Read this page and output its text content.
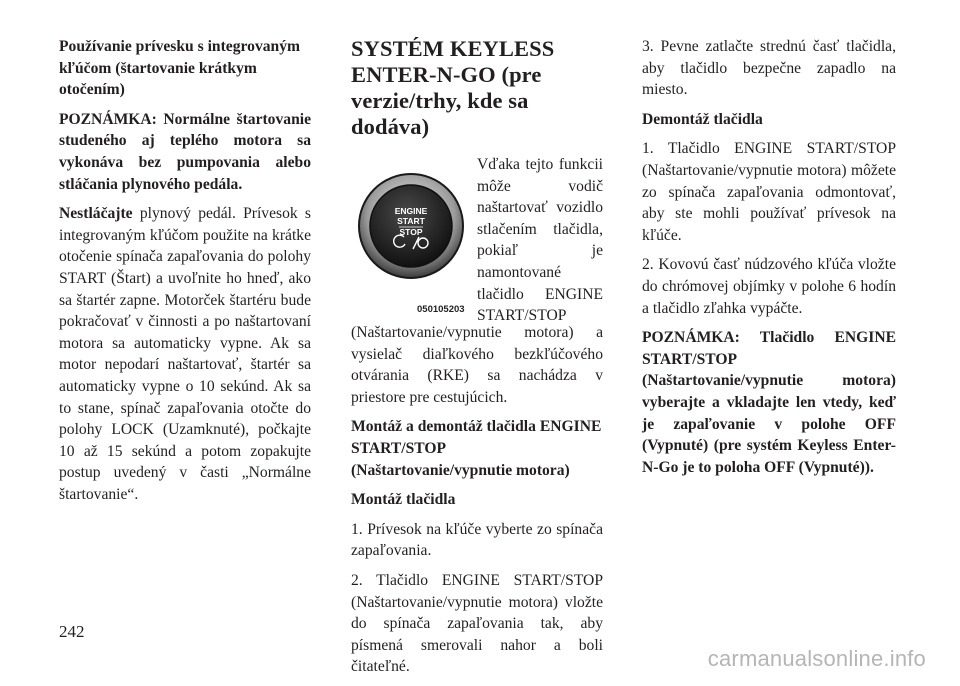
Používanie prívesku s integrovaným kľúčom (štartovanie krátkym otočením)

POZNÁMKA: Normálne štartovanie studeného aj teplého motora sa vykonáva bez pumpovania alebo stláčania plynového pedála.

Nestláčajte plynový pedál. Prívesok s integrovaným kľúčom použite na krátke otočenie spínača zapaľovania do polohy START (Štart) a uvoľnite ho hneď, ako sa štartér zapne. Motorček štartéru bude pokračovať v činnosti a po naštartovaní motora sa automaticky vypne. Ak sa motor nepodarí naštartovať, štartér sa automaticky vypne o 10 sekúnd. Ak sa to stane, spínač zapaľovania otočte do polohy LOCK (Uzamknuté), počkajte 10 až 15 sekúnd a potom zopakujte postup uvedený v časti „Normálne štartovanie“.

SYSTÉM KEYLESS ENTER-N-GO (pre verzie/trhy, kde sa dodáva)
ENGINE
START
STOP
050105203

Vďaka tejto funkcii môže vodič naštartovať vozidlo stlačením tlačidla, pokiaľ je namontované tlačidlo ENGINE START/STOP

(Naštartovanie/vypnutie motora) a vysielač diaľkového bezkľúčového otvárania (RKE) sa nachádza v priestore pre cestujúcich.

Montáž a demontáž tlačidla ENGINE START/STOP (Naštartovanie/vypnutie motora)

Montáž tlačidla

1. Prívesok na kľúče vyberte zo spínača zapaľovania.

2. Tlačidlo ENGINE START/STOP (Naštartovanie/vypnutie motora) vložte do spínača zapaľovania tak, aby písmená smerovali nahor a boli čitateľné.

3. Pevne zatlačte strednú časť tlačidla, aby tlačidlo bezpečne zapadlo na miesto.

Demontáž tlačidla

1. Tlačidlo ENGINE START/STOP (Naštartovanie/vypnutie motora) môžete zo spínača zapaľovania odmontovať, aby ste mohli používať prívesok na kľúče.

2. Kovovú časť núdzového kľúča vložte do chrómovej objímky v polohe 6 hodín a tlačidlo zľahka vypáčte.

POZNÁMKA: Tlačidlo ENGINE START/STOP (Naštartovanie/vypnutie motora) vyberajte a vkladajte len vtedy, keď je zapaľovanie v polohe OFF (Vypnuté) (pre systém Keyless Enter-N-Go je to poloha OFF (Vypnuté)).

242
carmanualsonline.info
